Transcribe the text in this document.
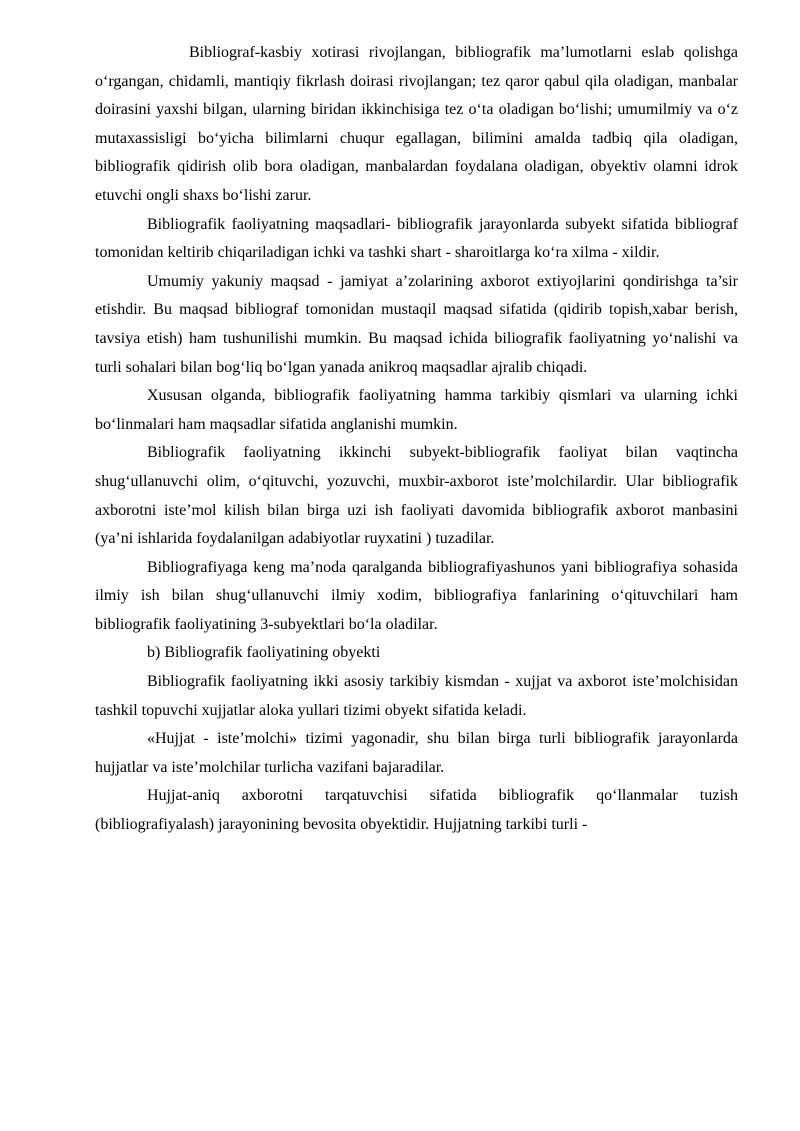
Bibliograf-kasbiy xotirasi rivojlangan, bibliografik ma’lumotlarni eslab qolishga o‘rgangan, chidamli, mantiqiy fikrlash doirasi rivojlangan; tez qaror qabul qila oladigan, manbalar doirasini yaxshi bilgan, ularning biridan ikkinchisiga tez o‘ta oladigan bo‘lishi; umumilmiy va o‘z mutaxassisligi bo‘yicha bilimlarni chuqur egallagan, bilimini amalda tadbiq qila oladigan, bibliografik qidirish olib bora oladigan, manbalardan foydalana oladigan, obyektiv olamni idrok etuvchi ongli shaxs bo‘lishi zarur.

Bibliografik faoliyatning maqsadlari- bibliografik jarayonlarda subyekt sifatida bibliograf tomonidan keltirib chiqariladigan ichki va tashki shart - sharoitlarga ko‘ra xilma - xildir.

Umumiy yakuniy maqsad - jamiyat a’zolarining axborot extiyojlarini qondirishga ta’sir etishdir. Bu maqsad bibliograf tomonidan mustaqil maqsad sifatida (qidirib topish,xabar berish, tavsiya etish) ham tushunilishi mumkin. Bu maqsad ichida biliografik faoliyatning yo‘nalishi va turli sohalari bilan bog‘liq bo‘lgan yanada anikroq maqsadlar ajralib chiqadi.

Xususan olganda, bibliografik faoliyatning hamma tarkibiy qismlari va ularning ichki bo‘linmalari ham maqsadlar sifatida anglanishi mumkin.

Bibliografik faoliyatning ikkinchi subyekt-bibliografik faoliyat bilan vaqtincha shug‘ullanuvchi olim, o‘qituvchi, yozuvchi, muxbir-axborot iste’molchilardir. Ular bibliografik axborotni iste’mol kilish bilan birga uzi ish faoliyati davomida bibliografik axborot manbasini (ya’ni ishlarida foydalanilgan adabiyotlar ruyxatini ) tuzadilar.

Bibliografiyaga keng ma’noda qaralganda bibliografiyashunos yani bibliografiya sohasida ilmiy ish bilan shug‘ullanuvchi ilmiy xodim, bibliografiya fanlarining o‘qituvchilari ham bibliografik faoliyatining 3-subyektlari bo‘la oladilar.

b) Bibliografik faoliyatining obyekti

Bibliografik faoliyatning ikki asosiy tarkibiy kismdan - xujjat va axborot iste’molchisidan tashkil topuvchi xujjatlar aloka yullari tizimi obyekt sifatida keladi.

«Hujjat - iste’molchi» tizimi yagonadir, shu bilan birga turli bibliografik jarayonlarda hujjatlar va iste’molchilar turlicha vazifani bajaradilar.

Hujjat-aniq axborotni tarqatuvchisi sifatida bibliografik qo‘llanmalar tuzish (bibliografiyalash) jarayonining bevosita obyektidir. Hujjatning tarkibi turli -
